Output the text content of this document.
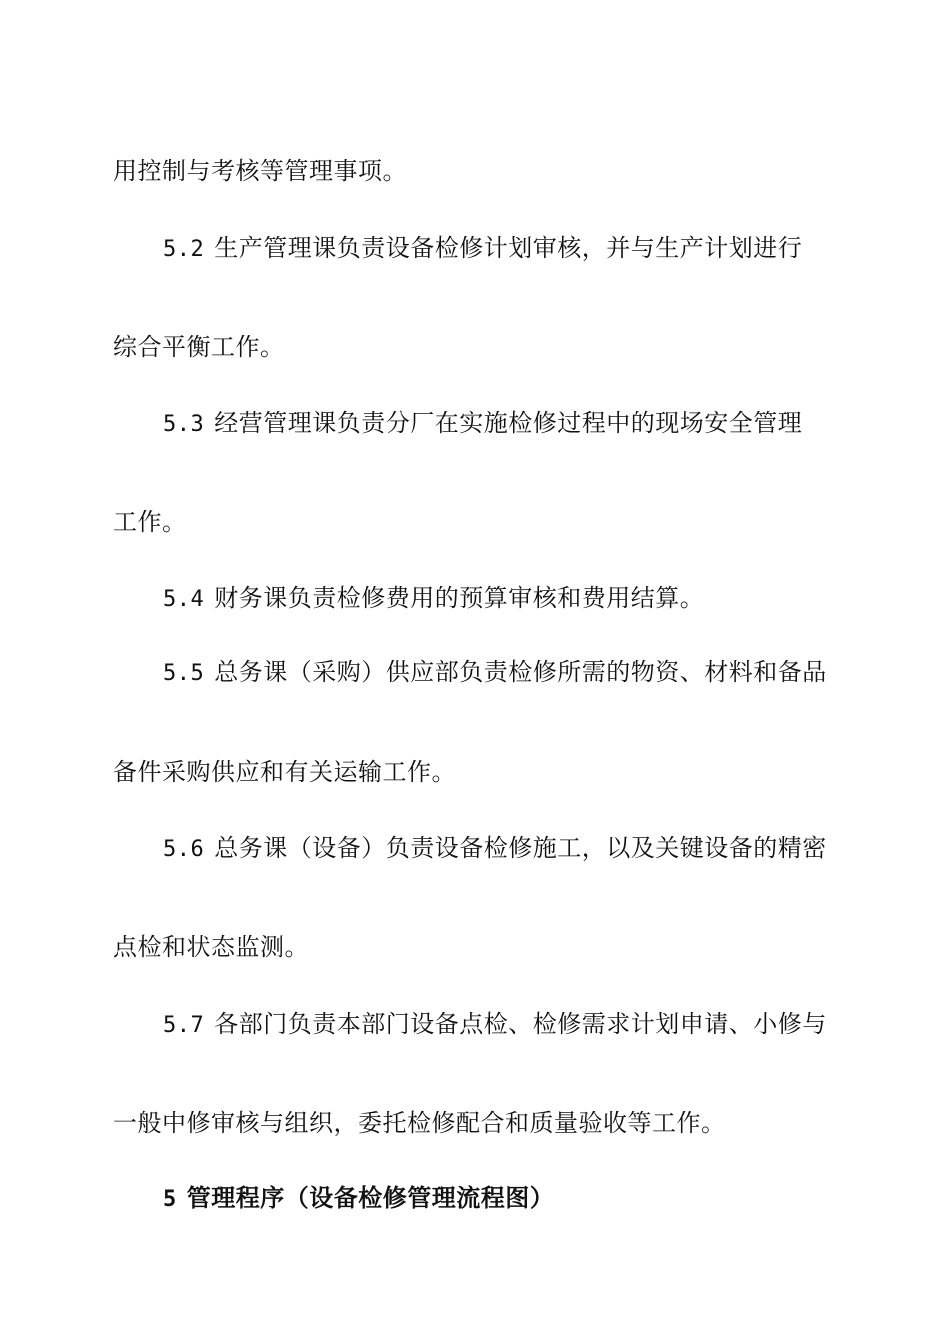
用控制与考核等管理事项。
5.2 生产管理课负责设备检修计划审核，并与生产计划进行
综合平衡工作。
5.3 经营管理课负责分厂在实施检修过程中的现场安全管理
工作。
5.4 财务课负责检修费用的预算审核和费用结算。
5.5 总务课（采购）供应部负责检修所需的物资、材料和备品
备件采购供应和有关运输工作。
5.6 总务课（设备）负责设备检修施工，以及关键设备的精密
点检和状态监测。
5.7 各部门负责本部门设备点检、检修需求计划申请、小修与
一般中修审核与组织，委托检修配合和质量验收等工作。
5 管理程序（设备检修管理流程图）
